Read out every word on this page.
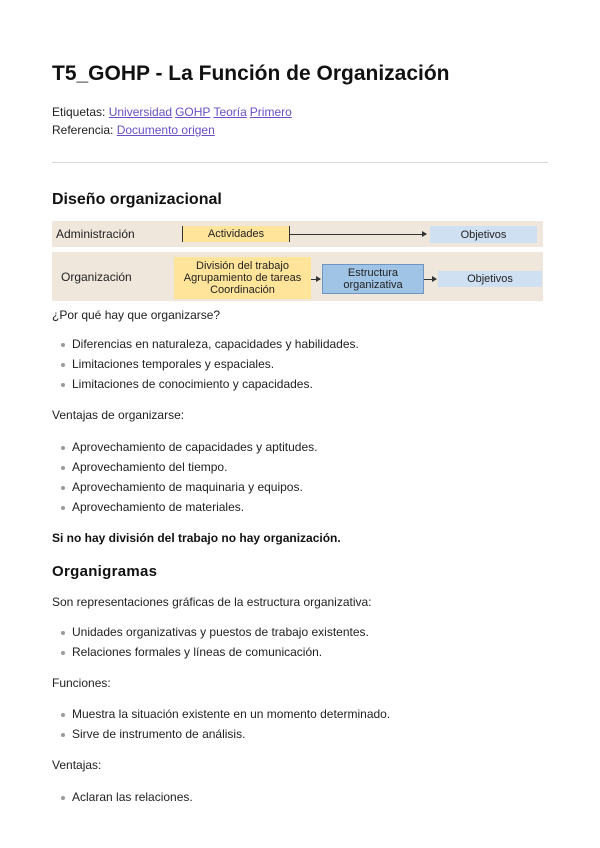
T5_GOHP - La Función de Organización
Etiquetas: Universidad GOHP Teoría Primero
Referencia: Documento origen
Diseño organizacional
Administración	Actividades	Objetivos
Organización
División del trabajo
Agrupamiento de tareas
Coordinación
Estructura
organizativa	Objetivos

¿Por qué hay que organizarse?

Diferencias en naturaleza, capacidades y habilidades.
Limitaciones temporales y espaciales.
Limitaciones de conocimiento y capacidades.

Ventajas de organizarse:

Aprovechamiento de capacidades y aptitudes.
Aprovechamiento del tiempo.
Aprovechamiento de maquinaria y equipos.
Aprovechamiento de materiales.

Si no hay división del trabajo no hay organización.

Organigramas

Son representaciones gráficas de la estructura organizativa:

Unidades organizativas y puestos de trabajo existentes.
Relaciones formales y líneas de comunicación.

Funciones:

Muestra la situación existente en un momento determinado.
Sirve de instrumento de análisis.

Ventajas:

Aclaran las relaciones.
